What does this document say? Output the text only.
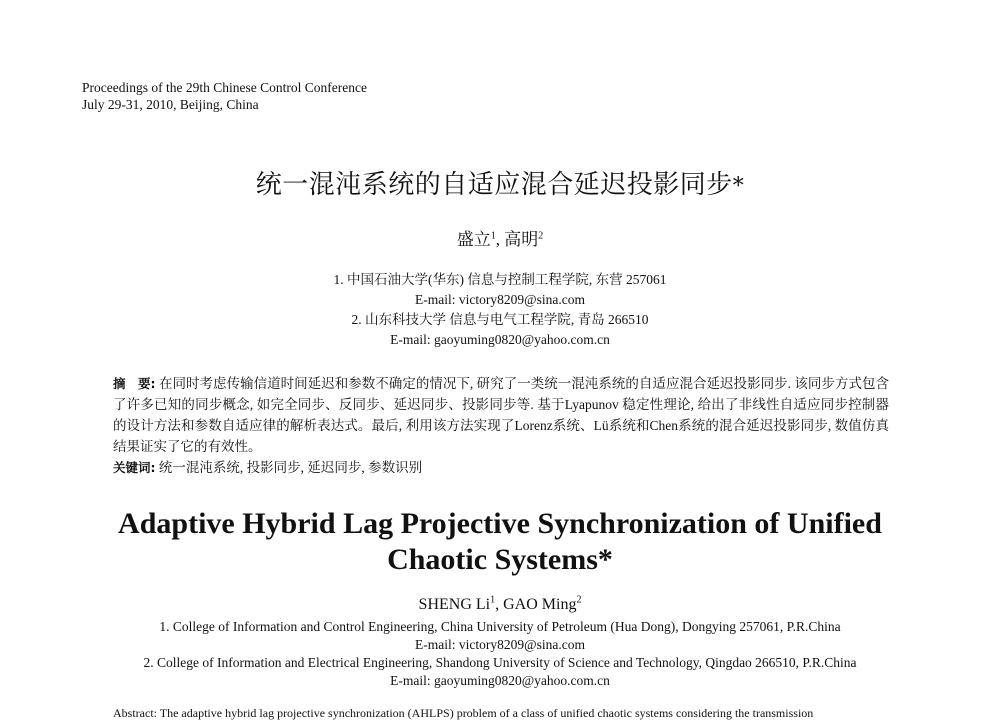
Proceedings of the 29th Chinese Control Conference
July 29-31, 2010, Beijing, China
统一混沌系统的自适应混合延迟投影同步*
盛立$^1$, 高明$^2$
1. 中国石油大学(华东) 信息与控制工程学院, 东营 257061
E-mail: victory8209@sina.com
2. 山东科技大学 信息与电气工程学院, 青岛 266510
E-mail: gaoyuming0820@yahoo.com.cn
摘　要: 在同时考虑传输信道时间延迟和参数不确定的情况下, 研究了一类统一混沌系统的自适应混合延迟投影同步. 该同步方式包含了许多已知的同步概念, 如完全同步、反同步、延迟同步、投影同步等. 基于Lyapunov 稳定性理论, 给出了非线性自适应同步控制器的设计方法和参数自适应律的解析表达式。最后, 利用该方法实现了Lorenz系统、Lü系统和Chen系统的混合延迟投影同步, 数值仿真结果证实了它的有效性。
关键词: 统一混沌系统, 投影同步, 延迟同步, 参数识别
Adaptive Hybrid Lag Projective Synchronization of Unified
Chaotic Systems*
SHENG Li$^1$, GAO Ming$^2$
1. College of Information and Control Engineering, China University of Petroleum (Hua Dong), Dongying 257061, P.R.China
E-mail: victory8209@sina.com
2. College of Information and Electrical Engineering, Shandong University of Science and Technology, Qingdao 266510, P.R.China
E-mail: gaoyuming0820@yahoo.com.cn
Abstract: The adaptive hybrid lag projective synchronization (AHLPS) problem of a class of unified chaotic systems considering the transmission
